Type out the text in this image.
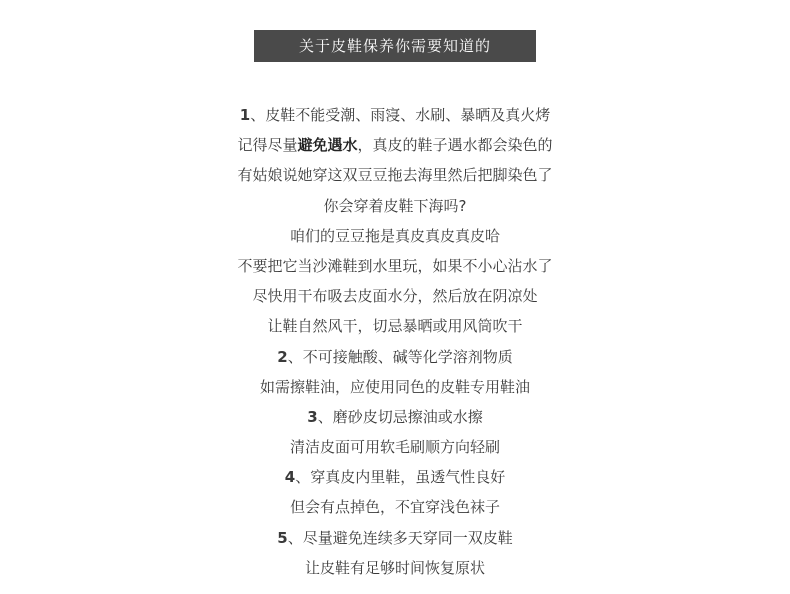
关于皮鞋保养你需要知道的
1、皮鞋不能受潮、雨寖、水刷、暴晒及真火烤
记得尽量避免遇水，真皮的鞋子遇水都会染色的
有姑娘说她穿这双豆豆拖去海里然后把脚染色了
你会穿着皮鞋下海吗?
咱们的豆豆拖是真皮真皮真皮哈
不要把它当沙滩鞋到水里玩，如果不小心沾水了
尽快用干布吸去皮面水分，然后放在阴凉处
让鞋自然风干，切忌暴晒或用风筒吹干
2、不可接触酸、碱等化学溶剂物质
如需擦鞋油，应使用同色的皮鞋专用鞋油
3、磨砂皮切忌擦油或水擦
清洁皮面可用软毛刷顺方向轻刷
4、穿真皮内里鞋，虽透气性良好
但会有点掉色，不宜穿浅色袜子
5、尽量避免连续多天穿同一双皮鞋
让皮鞋有足够时间恢复原状
